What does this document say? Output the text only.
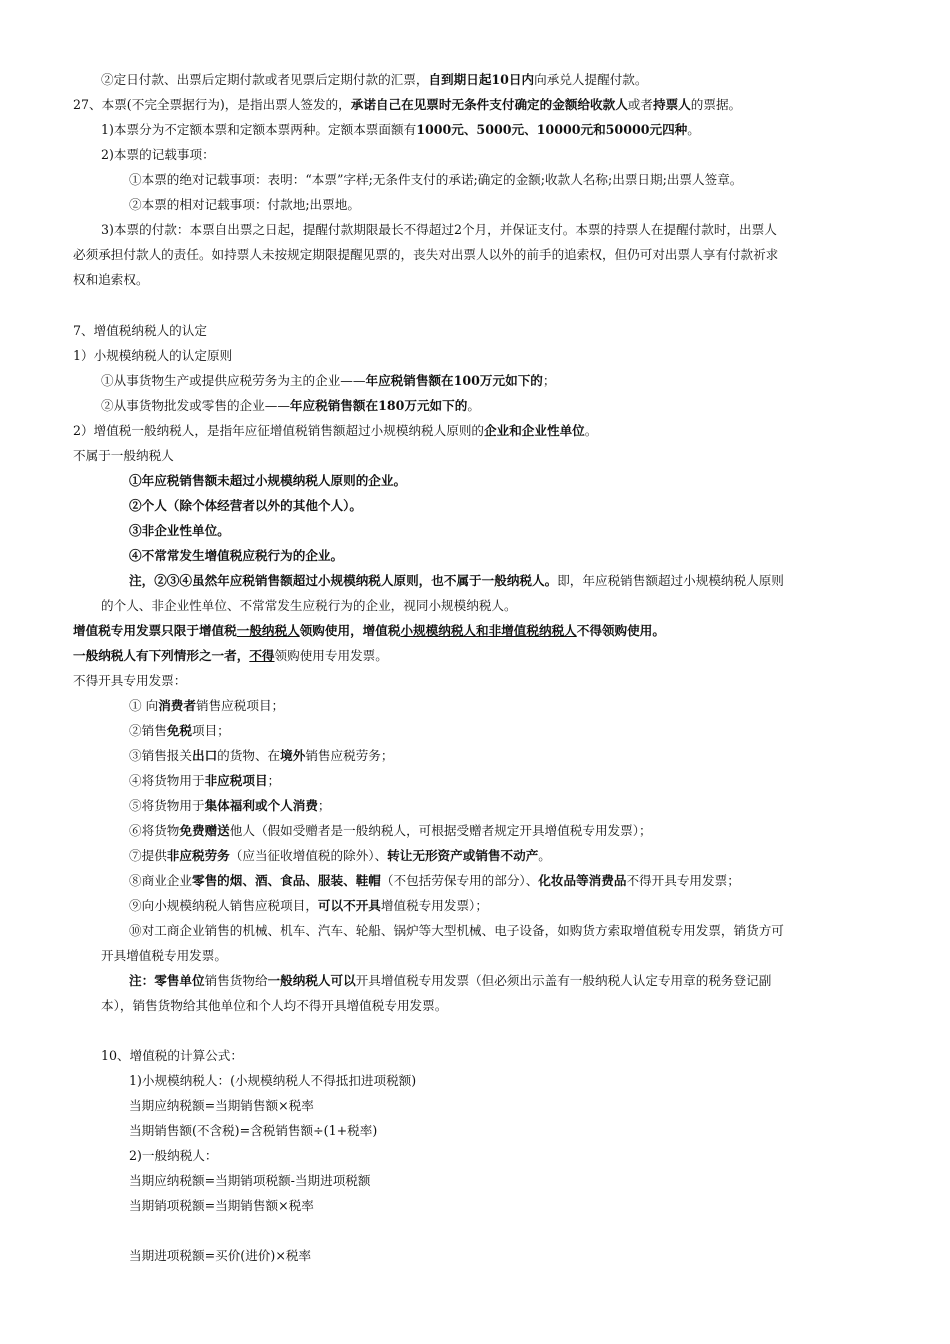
②定日付款、出票后定期付款或者见票后定期付款的汇票，自到期日起10日内向承兑人提醒付款。
27、本票(不完全票据行为)，是指出票人签发的，承诺自己在见票时无条件支付确定的金额给收款人或者持票人的票据。
1)本票分为不定额本票和定额本票两种。定额本票面额有1000元、5000元、10000元和50000元四种。
2)本票的记载事项：
①本票的绝对记载事项：表明：“本票”字样;无条件支付的承诺;确定的金额;收款人名称;出票日期;出票人签章。
②本票的相对记载事项：付款地;出票地。
3)本票的付款：本票自出票之日起，提醒付款期限最长不得超过2个月，并保证支付。本票的持票人在提醒付款时，出票人
必须承担付款人的责任。如持票人未按规定期限提醒见票的，丧失对出票人以外的前手的追索权，但仍可对出票人享有付款祈求
权和追索权。
7、增值税纳税人的认定
1）小规模纳税人的认定原则
①从事货物生产或提供应税劳务为主的企业——年应税销售额在100万元如下的；
②从事货物批发或零售的企业——年应税销售额在180万元如下的。
2）增值税一般纳税人，是指年应征增值税销售额超过小规模纳税人原则的企业和企业性单位。
不属于一般纳税人
①年应税销售额未超过小规模纳税人原则的企业。
②个人（除个体经营者以外的其他个人）。
③非企业性单位。
④不常常发生增值税应税行为的企业。
注，②③④虽然年应税销售额超过小规模纳税人原则，也不属于一般纳税人。即，年应税销售额超过小规模纳税人原则
的个人、非企业性单位、不常常发生应税行为的企业，视同小规模纳税人。
增值税专用发票只限于增值税一般纳税人领购使用，增值税小规模纳税人和非增值税纳税人不得领购使用。
一般纳税人有下列情形之一者，不得领购使用专用发票。
不得开具专用发票：
① 向消费者销售应税项目；
②销售免税项目；
③销售报关出口的货物、在境外销售应税劳务；
④将货物用于非应税项目；
⑤将货物用于集体福利或个人消费；
⑥将货物免费赠送他人（假如受赠者是一般纳税人，可根据受赠者规定开具增值税专用发票）；
⑦提供非应税劳务（应当征收增值税的除外）、转让无形资产或销售不动产。
⑧商业企业零售的烟、酒、食品、服装、鞋帽（不包括劳保专用的部分）、化妆品等消费品不得开具专用发票；
⑨向小规模纳税人销售应税项目，可以不开具增值税专用发票）；
⑩对工商企业销售的机械、机车、汽车、轮船、锅炉等大型机械、电子设备，如购货方索取增值税专用发票，销货方可
开具增值税专用发票。
注：零售单位销售货物给一般纳税人可以开具增值税专用发票（但必须出示盖有一般纳税人认定专用章的税务登记副
本），销售货物给其他单位和个人均不得开具增值税专用发票。
10、增值税的计算公式：
1)小规模纳税人：(小规模纳税人不得抵扣进项税额)
当期应纳税额=当期销售额×税率
当期销售额(不含税)=含税销售额÷(1+税率)
2)一般纳税人：
当期应纳税额=当期销项税额-当期进项税额
当期销项税额=当期销售额×税率
当期进项税额=买价(进价)×税率
